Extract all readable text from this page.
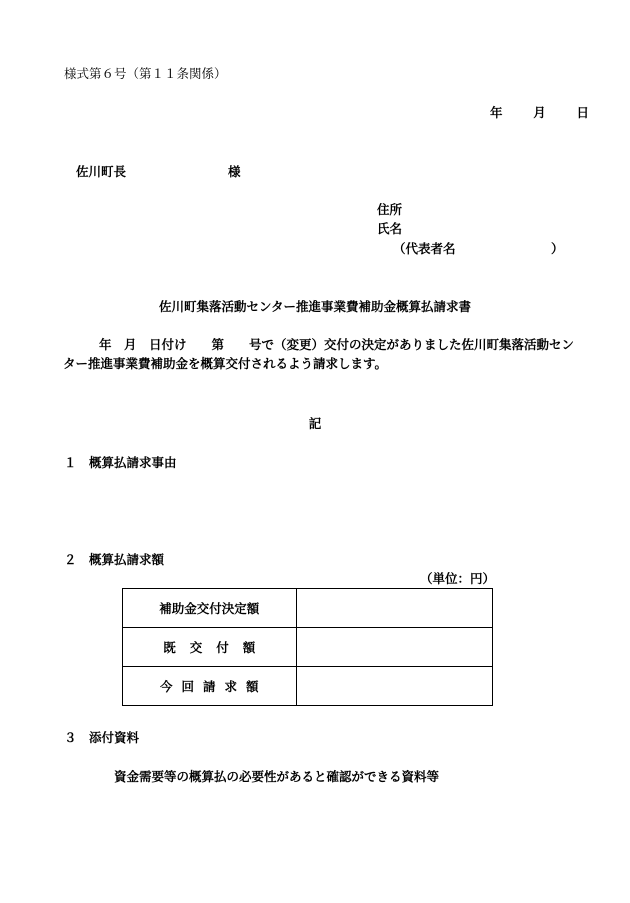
様式第６号（第１１条関係）
年 月 日
佐川町長	様
住所
氏名
（代表者名	）
佐川町集落活動センター推進事業費補助金概算払請求書
年　月　日付け　　第　　号で（変更）交付の決定がありました佐川町集落活動センター推進事業費補助金を概算交付されるよう請求します。
記
１　概算払請求事由
２　概算払請求額
（単位：円）
補助金交付決定額	
既交付額	
今回請求額	
３　添付資料
資金需要等の概算払の必要性があると確認ができる資料等
